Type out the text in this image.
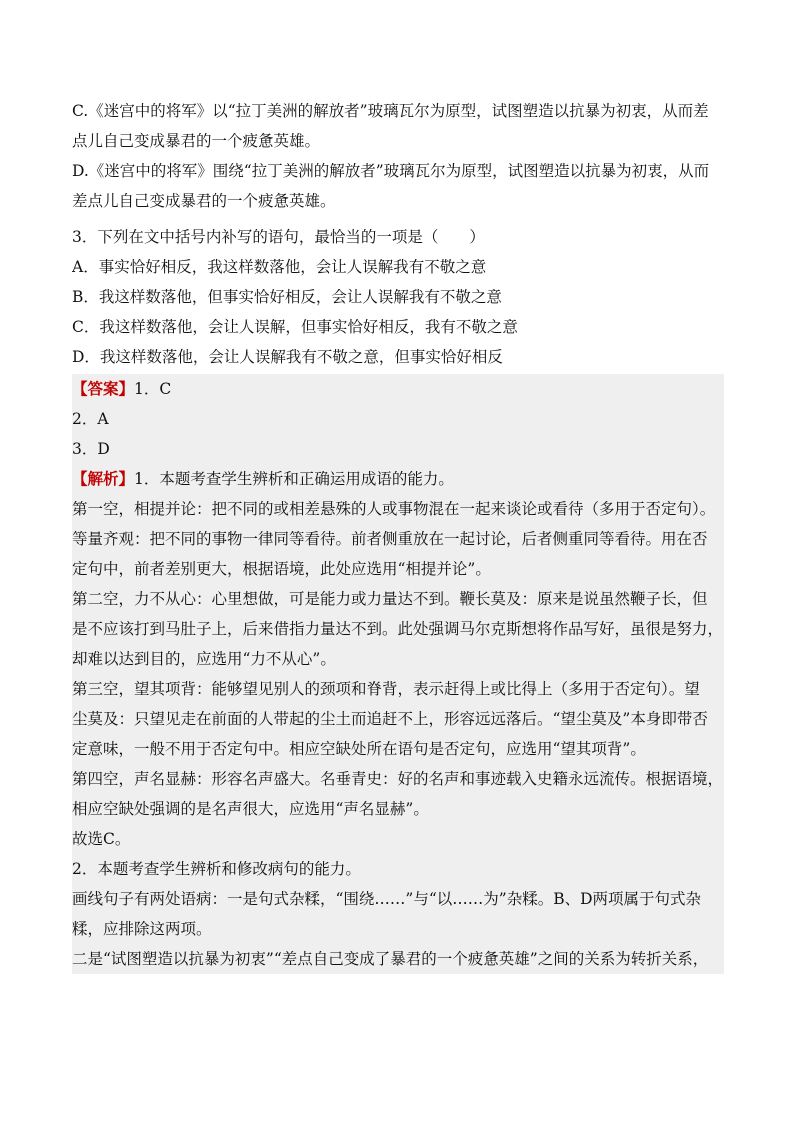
C.《迷宫中的将军》以“拉丁美洲的解放者”玻璃瓦尔为原型，试图塑造以抗暴为初衷，从而差
点儿自己变成暴君的一个疲惫英雄。
D.《迷宫中的将军》围绕“拉丁美洲的解放者”玻璃瓦尔为原型，试图塑造以抗暴为初衷，从而
差点儿自己变成暴君的一个疲惫英雄。
3．下列在文中括号内补写的语句，最恰当的一项是（　　）
A．事实恰好相反，我这样数落他，会让人误解我有不敬之意
B．我这样数落他，但事实恰好相反，会让人误解我有不敬之意
C．我这样数落他，会让人误解，但事实恰好相反，我有不敬之意
D．我这样数落他，会让人误解我有不敬之意，但事实恰好相反
【答案】1．C
2．A
3．D
【解析】1．本题考查学生辨析和正确运用成语的能力。
第一空，相提并论：把不同的或相差悬殊的人或事物混在一起来谈论或看待（多用于否定句）。
等量齐观：把不同的事物一律同等看待。前者侧重放在一起讨论，后者侧重同等看待。用在否
定句中，前者差别更大，根据语境，此处应选用“相提并论”。
第二空，力不从心：心里想做，可是能力或力量达不到。鞭长莫及：原来是说虽然鞭子长，但
是不应该打到马肚子上，后来借指力量达不到。此处强调马尔克斯想将作品写好，虽很是努力，
却难以达到目的，应选用“力不从心”。
第三空，望其项背：能够望见别人的颈项和脊背，表示赶得上或比得上（多用于否定句）。望
尘莫及：只望见走在前面的人带起的尘土而追赶不上，形容远远落后。“望尘莫及”本身即带否
定意味，一般不用于否定句中。相应空缺处所在语句是否定句，应选用“望其项背”。
第四空，声名显赫：形容名声盛大。名垂青史：好的名声和事迹载入史籍永远流传。根据语境，
相应空缺处强调的是名声很大，应选用“声名显赫”。
故选C。
2．本题考查学生辨析和修改病句的能力。
画线句子有两处语病：一是句式杂糅，“围绕……”与“以……为”杂糅。B、D两项属于句式杂
糅，应排除这两项。
二是“试图塑造以抗暴为初衷”“差点自己变成了暴君的一个疲惫英雄”之间的关系为转折关系，
